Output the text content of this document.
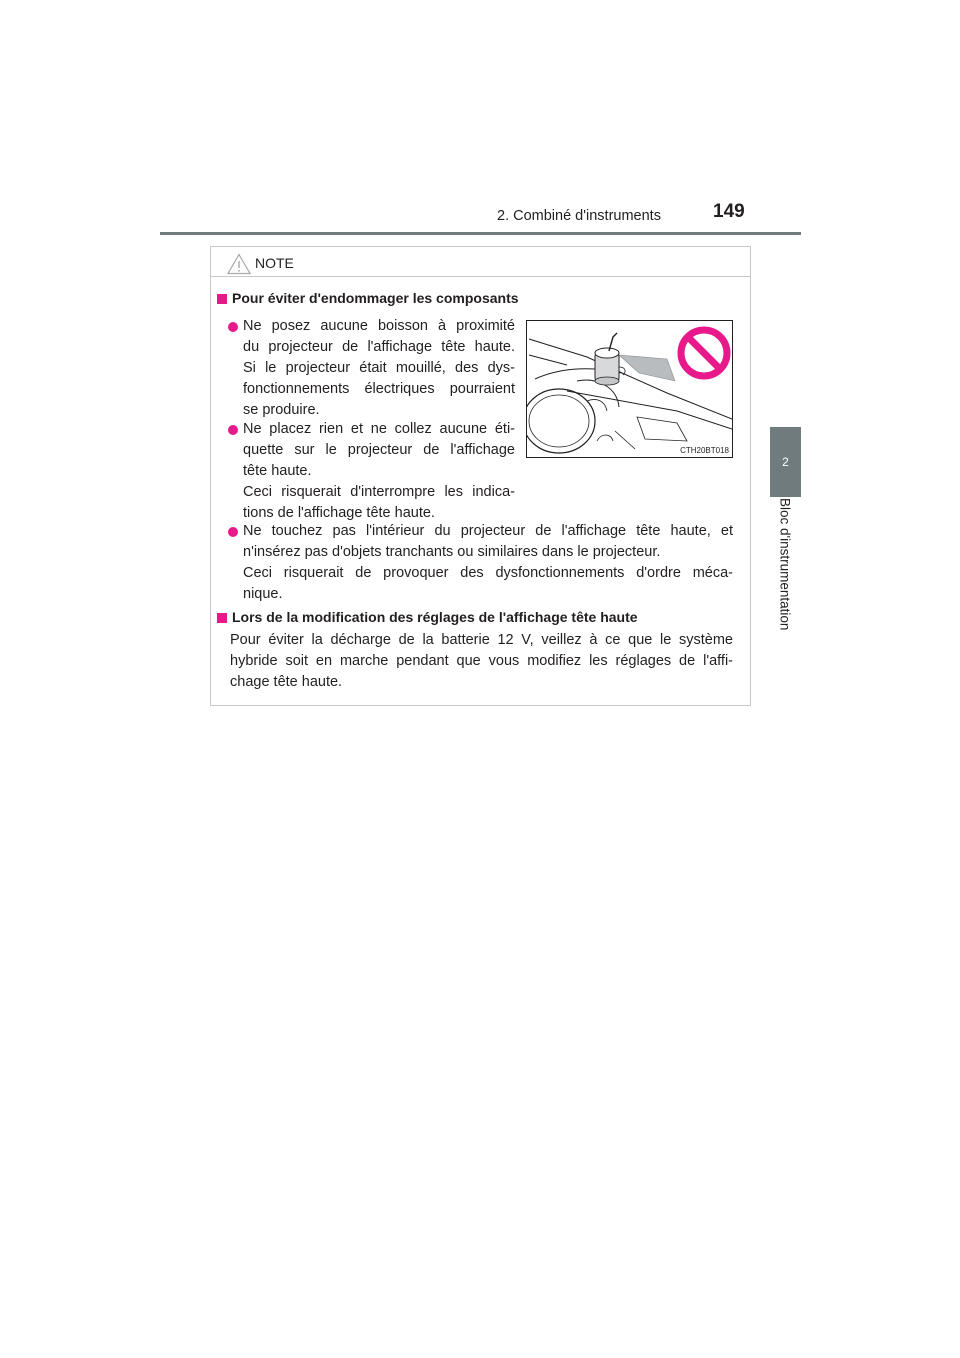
2. Combiné d'instruments	149
2
Bloc d'instrumentation
NOTE
Pour éviter d'endommager les composants
Ne posez aucune boisson à proximité
du projecteur de l'affichage tête haute.
Si le projecteur était mouillé, des dys-
fonctionnements électriques pourraient
se produire.
Ne placez rien et ne collez aucune éti-
quette sur le projecteur de l'affichage
tête haute.
Ceci risquerait d'interrompre les indica-
tions de l'affichage tête haute.
CTH20BT018
Ne touchez pas l'intérieur du projecteur de l'affichage tête haute, et
n'insérez pas d'objets tranchants ou similaires dans le projecteur.
Ceci risquerait de provoquer des dysfonctionnements d'ordre méca-
nique.
Lors de la modification des réglages de l'affichage tête haute
Pour éviter la décharge de la batterie 12 V, veillez à ce que le système
hybride soit en marche pendant que vous modifiez les réglages de l'affi-
chage tête haute.
